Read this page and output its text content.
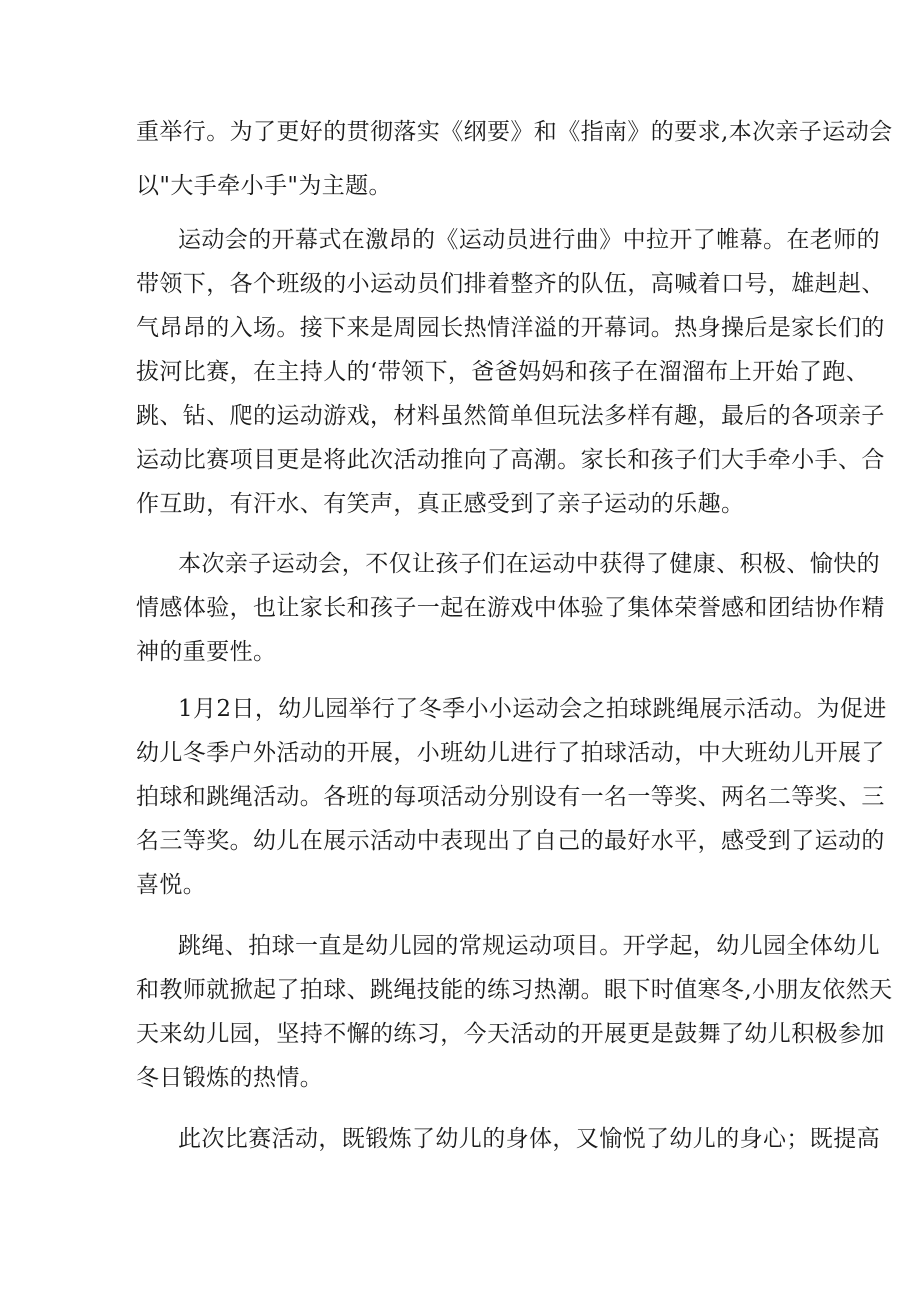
重举行。为了更好的贯彻落实《纲要》和《指南》的要求,本次亲子运动会
以"大手牵小手"为主题。
运动会的开幕式在激昂的《运动员进行曲》中拉开了帷幕。在老师的
带领下，各个班级的小运动员们排着整齐的队伍，高喊着口号，雄赳赳、
气昂昂的入场。接下来是周园长热情洋溢的开幕词。热身操后是家长们的
拔河比赛，在主持人的‘带领下，爸爸妈妈和孩子在溜溜布上开始了跑、
跳、钻、爬的运动游戏，材料虽然简单但玩法多样有趣，最后的各项亲子
运动比赛项目更是将此次活动推向了高潮。家长和孩子们大手牵小手、合
作互助，有汗水、有笑声，真正感受到了亲子运动的乐趣。
本次亲子运动会，不仅让孩子们在运动中获得了健康、积极、愉快的
情感体验，也让家长和孩子一起在游戏中体验了集体荣誉感和团结协作精
神的重要性。
1月2日，幼儿园举行了冬季小小运动会之拍球跳绳展示活动。为促进
幼儿冬季户外活动的开展，小班幼儿进行了拍球活动，中大班幼儿开展了
拍球和跳绳活动。各班的每项活动分别设有一名一等奖、两名二等奖、三
名三等奖。幼儿在展示活动中表现出了自己的最好水平，感受到了运动的
喜悦。
跳绳、拍球一直是幼儿园的常规运动项目。开学起，幼儿园全体幼儿
和教师就掀起了拍球、跳绳技能的练习热潮。眼下时值寒冬,小朋友依然天
天来幼儿园，坚持不懈的练习，今天活动的开展更是鼓舞了幼儿积极参加
冬日锻炼的热情。
此次比赛活动，既锻炼了幼儿的身体，又愉悦了幼儿的身心；既提高
